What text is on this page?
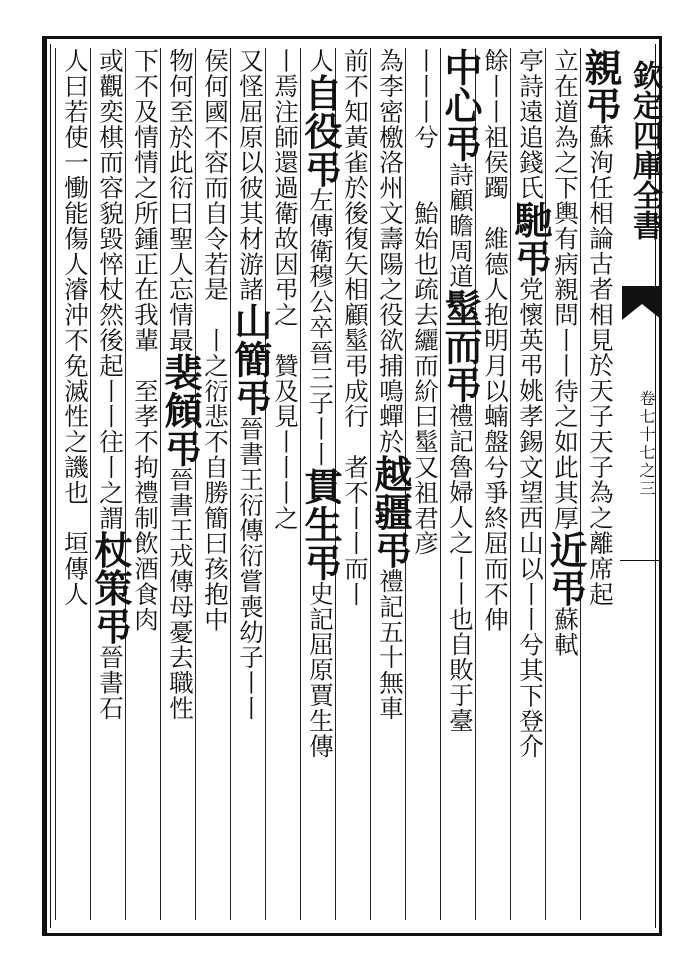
欽定四庫全書
卷七十七之三
親弔蘇洵任相論古者相見於天子天子為之離席起
立在道為之下輿有病親問丨丨待之如此其厚近弔蘇軾
亭詩遠追錢氏馳弔党懷英弔姚孝錫文望西山以丨丨兮其下登介
餘丨丨祖侯躅　維德人抱明月以蝻盤兮爭終屈而不伸
中心弔詩顧瞻周道髽而弔禮記魯婦人之丨丨也自敗于臺
丨丨丨兮　　鮐始也疏去纚而紒曰髽又祖君彦
為李密檄洛州文壽陽之役欲捕鳴蟬於越疆弔禮記五十無車
前不知黃雀於後復矢相顧髽弔成行　者不丨丨而丨
人自役弔左傳衛穆公卒晉三子丨丨貫生弔史記屈原賈生傳
丨焉注師還過衛故因弔之　贊及見丨丨丨之
又怪屈原以彼其材游諸山簡弔晉書王衍傳衍嘗喪幼子丨丨
侯何國不容而自令若是　丨之衍悲不自勝簡曰孩抱中
物何至於此衍曰聖人忘情最裴頠弔晉書王戎傳母憂去職性
下不及情情之所鍾正在我輩　至孝不拘禮制飲酒食肉
或觀奕棋而容貌毀悴杖然後起丨丨往丨之謂杖策弔晉書石
人曰若使一慟能傷人濬沖不免滅性之譏也　垣傳人
